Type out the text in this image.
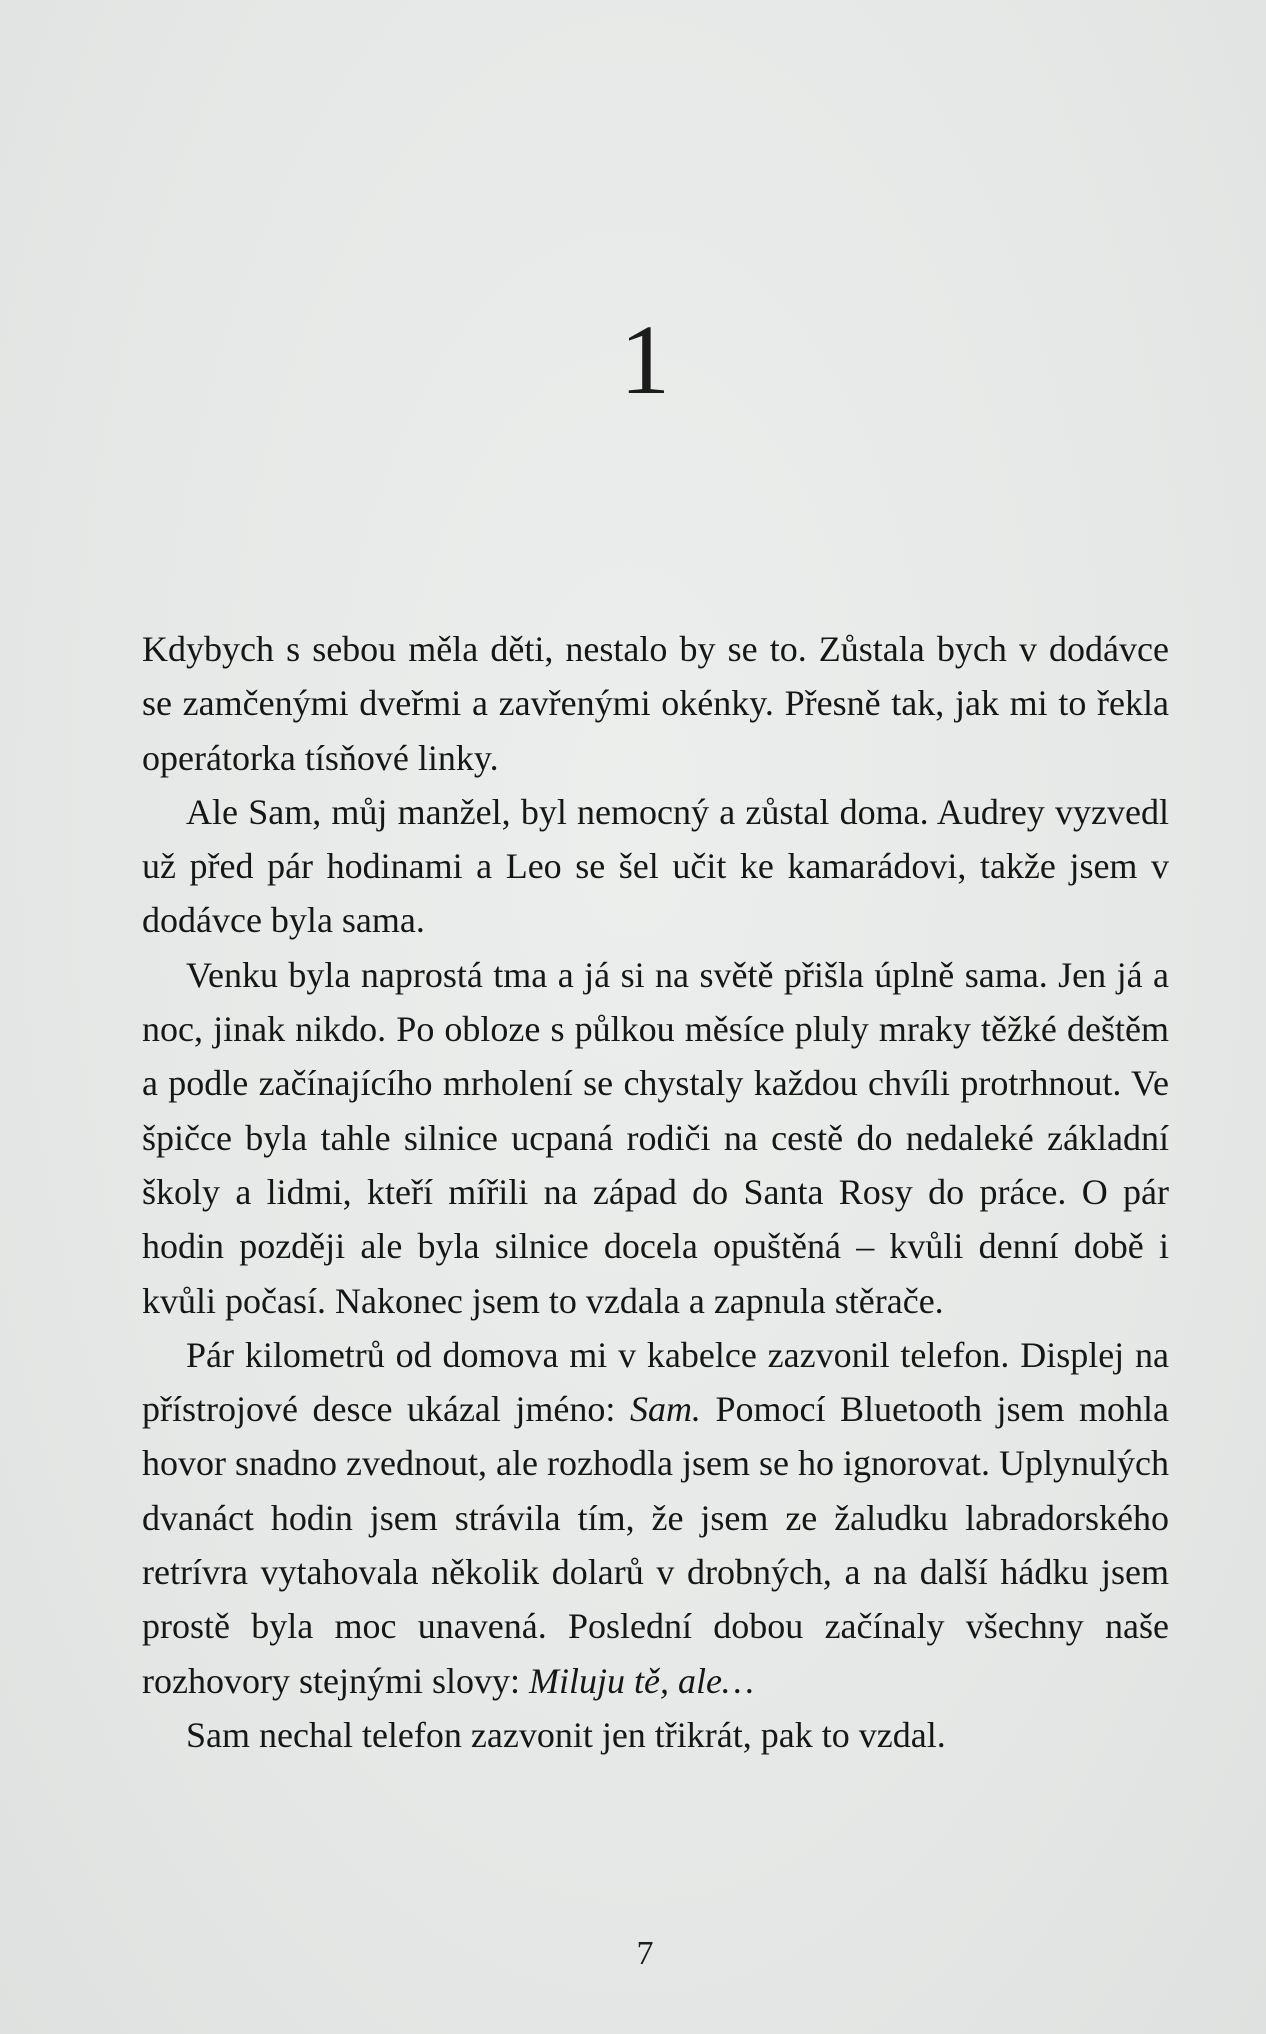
1

Kdybych s sebou měla děti, nestalo by se to. Zůstala bych v dodávce se zamčenými dveřmi a zavřenými okénky. Přesně tak, jak mi to řekla operátorka tísňové linky.

Ale Sam, můj manžel, byl nemocný a zůstal doma. Audrey vyzvedl už před pár hodinami a Leo se šel učit ke kamarádovi, takže jsem v dodávce byla sama.

Venku byla naprostá tma a já si na světě přišla úplně sama. Jen já a noc, jinak nikdo. Po obloze s půlkou měsíce pluly mraky těžké deštěm a podle začínajícího mrholení se chystaly každou chvíli protrhnout. Ve špičce byla tahle silnice ucpaná rodiči na cestě do nedaleké základní školy a lidmi, kteří mířili na západ do Santa Rosy do práce. O pár hodin později ale byla silnice docela opuštěná – kvůli denní době i kvůli počasí. Nakonec jsem to vzdala a zapnula stěrače.

Pár kilometrů od domova mi v kabelce zazvonil telefon. Displej na přístrojové desce ukázal jméno: Sam. Pomocí Bluetooth jsem mohla hovor snadno zvednout, ale rozhodla jsem se ho ignorovat. Uplynulých dvanáct hodin jsem strávila tím, že jsem ze žaludku labradorského retrívra vytahovala několik dolarů v drobných, a na další hádku jsem prostě byla moc unavená. Poslední dobou začínaly všechny naše rozhovory stejnými slovy: Miluju tě, ale…

Sam nechal telefon zazvonit jen třikrát, pak to vzdal.

7
